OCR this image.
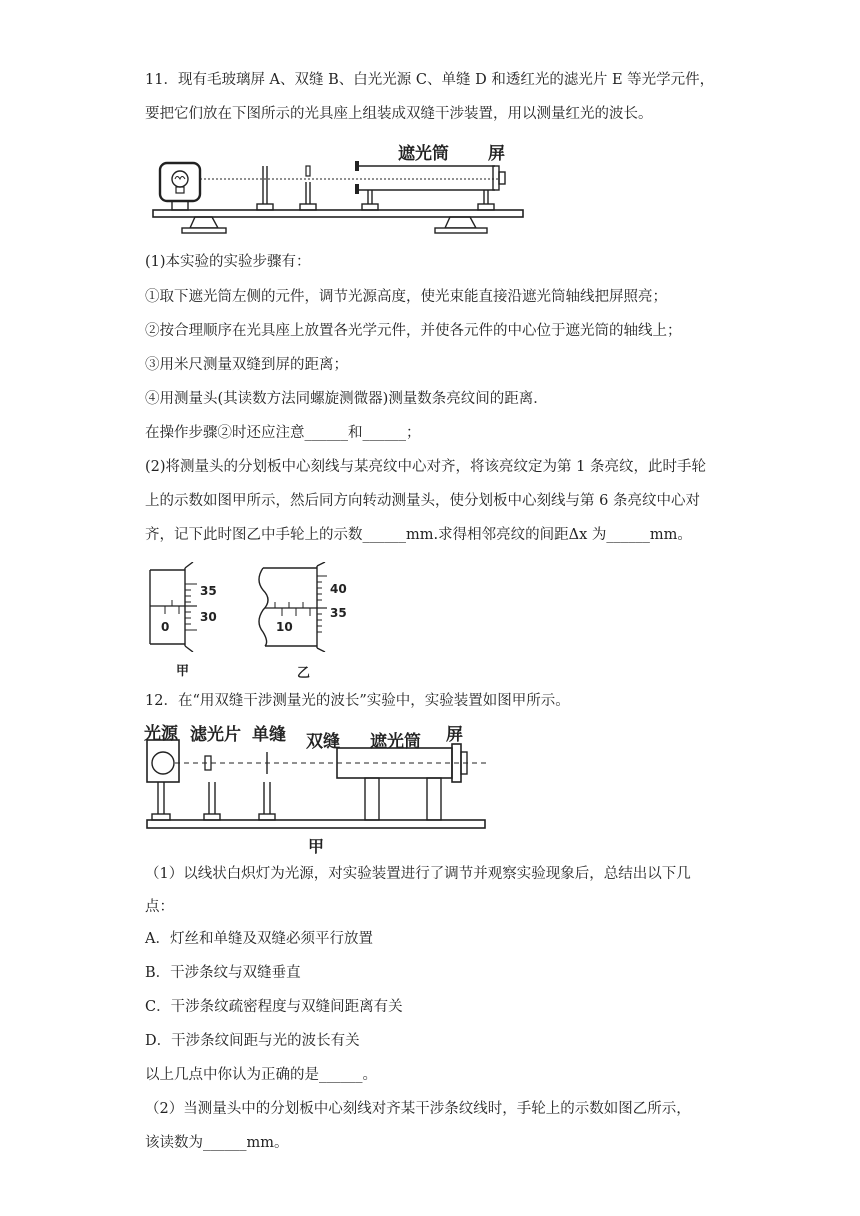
11．现有毛玻璃屏 A、双缝 B、白光光源 C、单缝 D 和透红光的滤光片 E 等光学元件，
要把它们放在下图所示的光具座上组装成双缝干涉装置，用以测量红光的波长。
遮光筒 屏
(1)本实验的实验步骤有：
①取下遮光筒左侧的元件，调节光源高度，使光束能直接沿遮光筒轴线把屏照亮；
②按合理顺序在光具座上放置各光学元件，并使各元件的中心位于遮光筒的轴线上；
③用米尺测量双缝到屏的距离；
④用测量头(其读数方法同螺旋测微器)测量数条亮纹间的距离．
在操作步骤②时还应注意______和______；
(2)将测量头的分划板中心刻线与某亮纹中心对齐，将该亮纹定为第 1 条亮纹，此时手轮
上的示数如图甲所示，然后同方向转动测量头，使分划板中心刻线与第 6 条亮纹中心对
齐，记下此时图乙中手轮上的示数______mm.求得相邻亮纹的间距Δx 为______mm。
35
30
0
甲
40
35
10
乙
12．在“用双缝干涉测量光的波长”实验中，实验装置如图甲所示。
光源 滤光片 单缝 双缝 遮光筒 屏
甲
（1）以线状白炽灯为光源，对实验装置进行了调节并观察实验现象后，总结出以下几
点：
A．灯丝和单缝及双缝必须平行放置
B．干涉条纹与双缝垂直
C．干涉条纹疏密程度与双缝间距离有关
D．干涉条纹间距与光的波长有关
以上几点中你认为正确的是______。
（2）当测量头中的分划板中心刻线对齐某干涉条纹线时，手轮上的示数如图乙所示，
该读数为______mm。
